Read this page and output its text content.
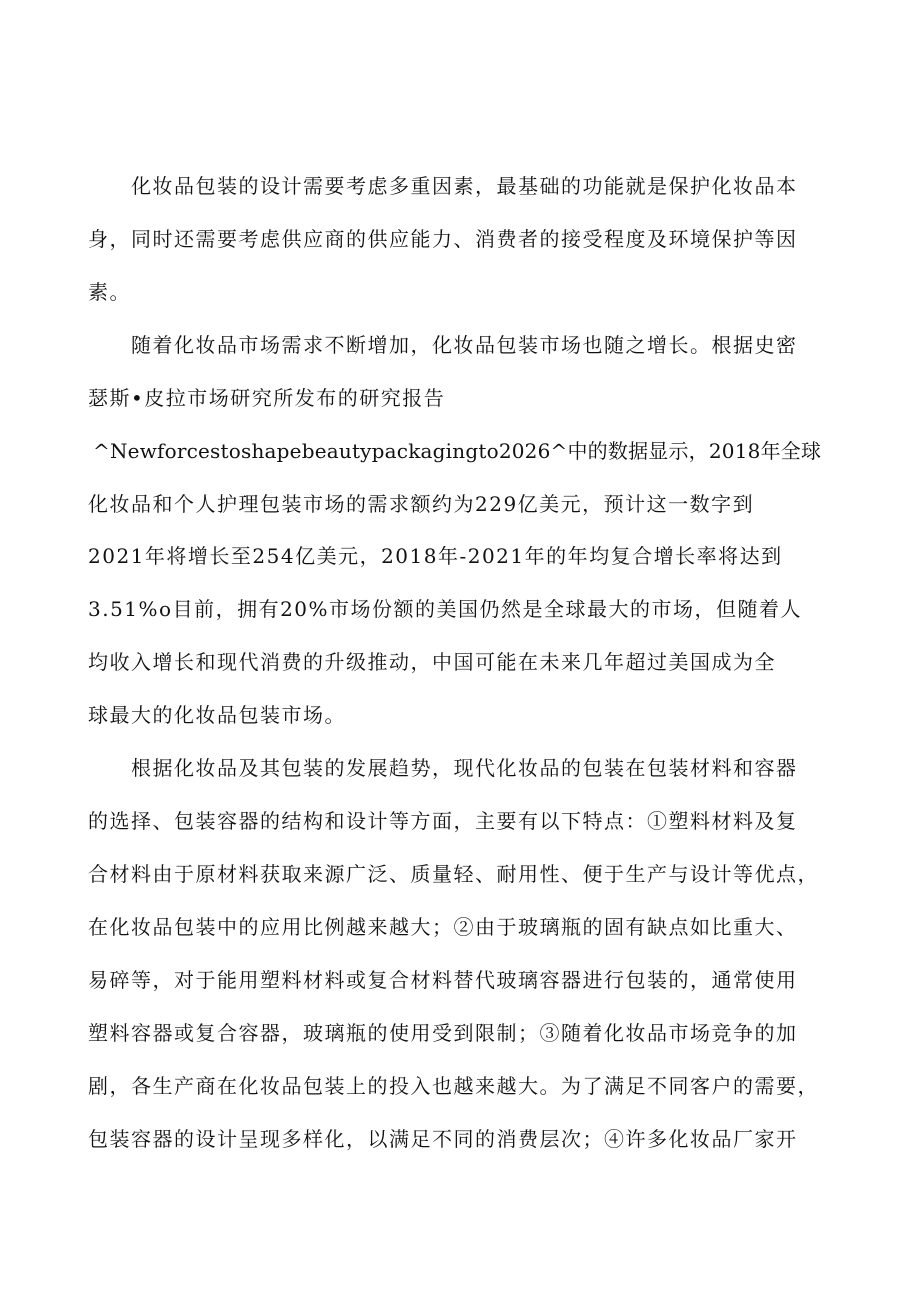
化妆品包装的设计需要考虑多重因素，最基础的功能就是保护化妆品本

身，同时还需要考虑供应商的供应能力、消费者的接受程度及环境保护等因

素。

随着化妆品市场需求不断增加，化妆品包装市场也随之增长。根据史密

瑟斯•皮拉市场研究所发布的研究报告

^Newforcestoshapebeautypackagingto2026^中的数据显示，2018年全球

化妆品和个人护理包装市场的需求额约为229亿美元，预计这一数字到

2021年将增长至254亿美元，2018年-2021年的年均复合增长率将达到

3.51%o目前，拥有20%市场份额的美国仍然是全球最大的市场，但随着人

均收入增长和现代消费的升级推动，中国可能在未来几年超过美国成为全

球最大的化妆品包装市场。

根据化妆品及其包装的发展趋势，现代化妆品的包装在包装材料和容器

的选择、包装容器的结构和设计等方面，主要有以下特点：①塑料材料及复

合材料由于原材料获取来源广泛、质量轻、耐用性、便于生产与设计等优点，

在化妆品包装中的应用比例越来越大；②由于玻璃瓶的固有缺点如比重大、

易碎等，对于能用塑料材料或复合材料替代玻璃容器进行包装的，通常使用

塑料容器或复合容器，玻璃瓶的使用受到限制；③随着化妆品市场竞争的加

剧，各生产商在化妆品包装上的投入也越来越大。为了满足不同客户的需要，

包装容器的设计呈现多样化，以满足不同的消费层次；④许多化妆品厂家开
